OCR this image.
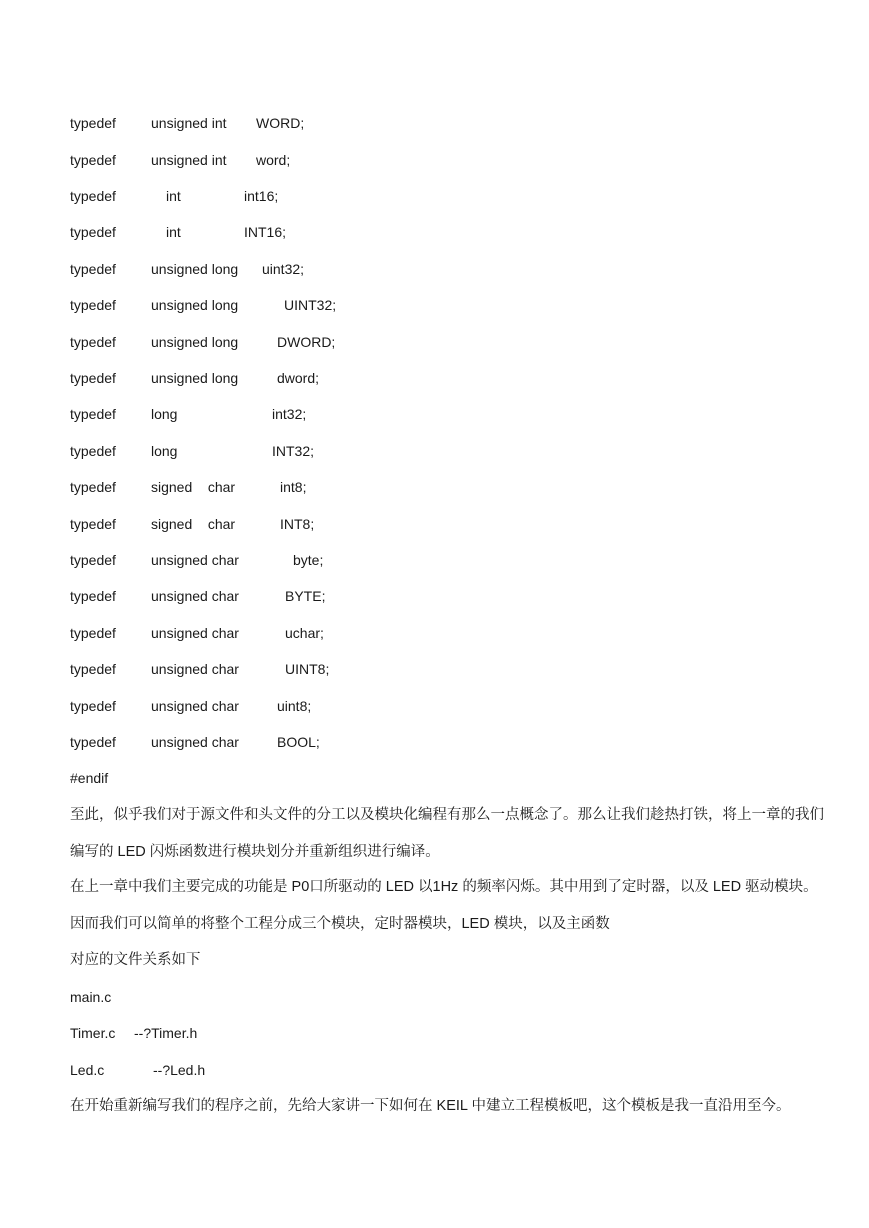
typedef	unsigned int WORD;
typedef	unsigned int word;
typedef	int	int16;
typedef	int	INT16;
typedef	unsigned long uint32;
typedef	unsigned long	UINT32;
typedef	unsigned long	DWORD;
typedef	unsigned long	dword;
typedef	long	int32;
typedef	long	INT32;
typedef	signed    char	int8;
typedef	signed    char	INT8;
typedef	unsigned char	byte;
typedef	unsigned char	BYTE;
typedef	unsigned char	uchar;
typedef	unsigned char	UINT8;
typedef	unsigned char	uint8;
typedef	unsigned char	BOOL;
#endif
至此，似乎我们对于源文件和头文件的分工以及模块化编程有那么一点概念了。那么让我们趁热打铁，将上一章的我们编写的 LED 闪烁函数进行模块划分并重新组织进行编译。
在上一章中我们主要完成的功能是 P0口所驱动的 LED 以1Hz 的频率闪烁。其中用到了定时器，以及 LED 驱动模块。因而我们可以简单的将整个工程分成三个模块，定时器模块，LED 模块，以及主函数
对应的文件关系如下
main.c
Timer.c --?Timer.h
Led.c	--?Led.h
在开始重新编写我们的程序之前，先给大家讲一下如何在 KEIL 中建立工程模板吧，这个模板是我一直沿用至今。
